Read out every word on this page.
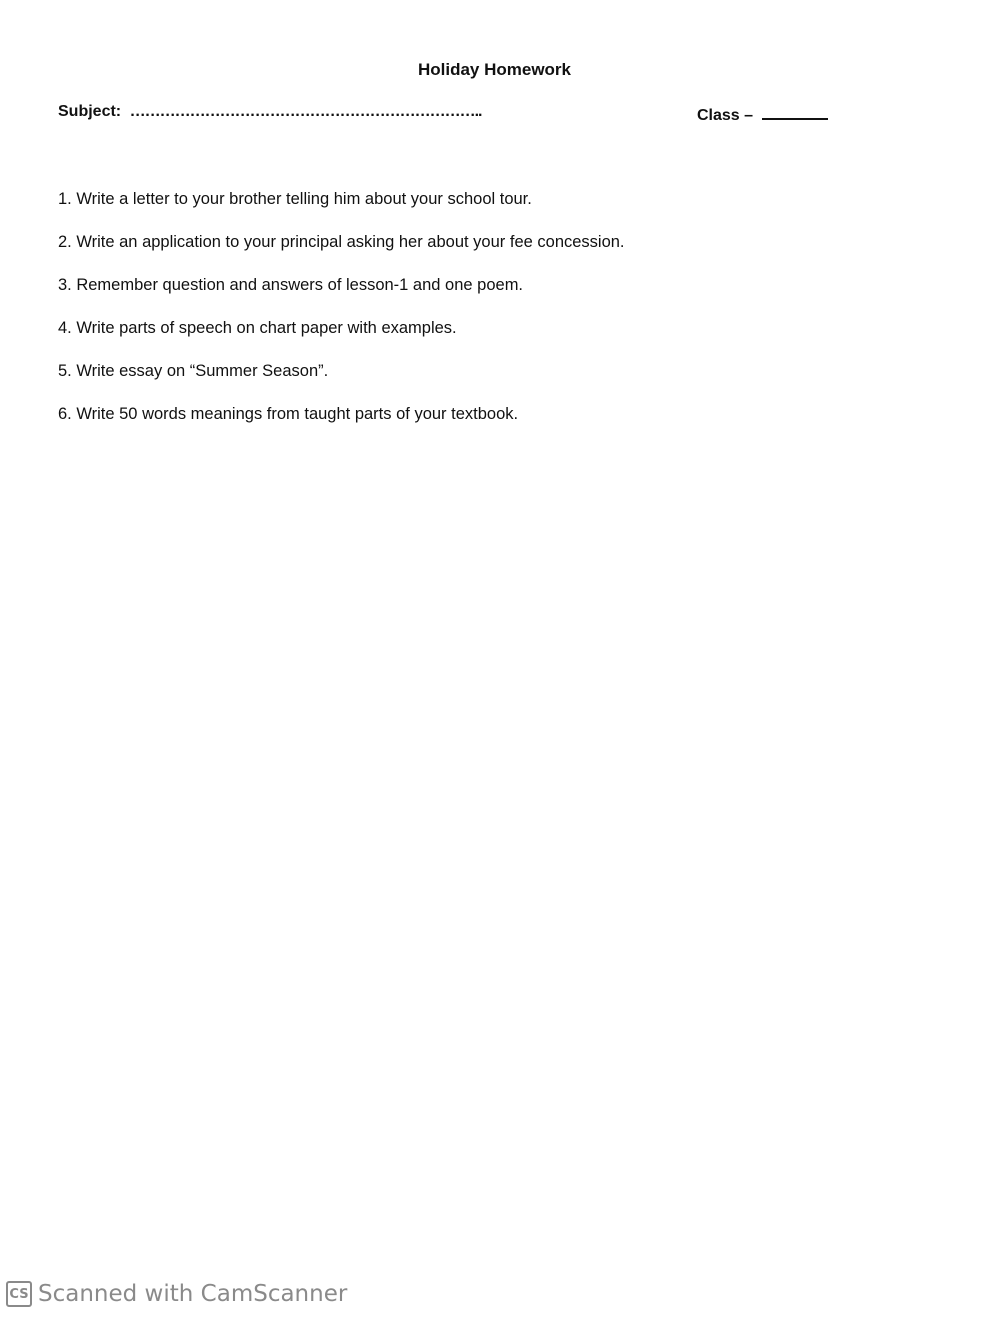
Holiday Homework
Subject: ……………………………………………………………..	Class –
1. Write a letter to your brother telling him about your school tour.
2. Write an application to your principal asking her about your fee concession.
3. Remember question and answers of lesson-1 and one poem.
4. Write parts of speech on chart paper with examples.
5. Write essay on “Summer Season”.
6. Write 50 words meanings from taught parts of your textbook.
CS Scanned with CamScanner
